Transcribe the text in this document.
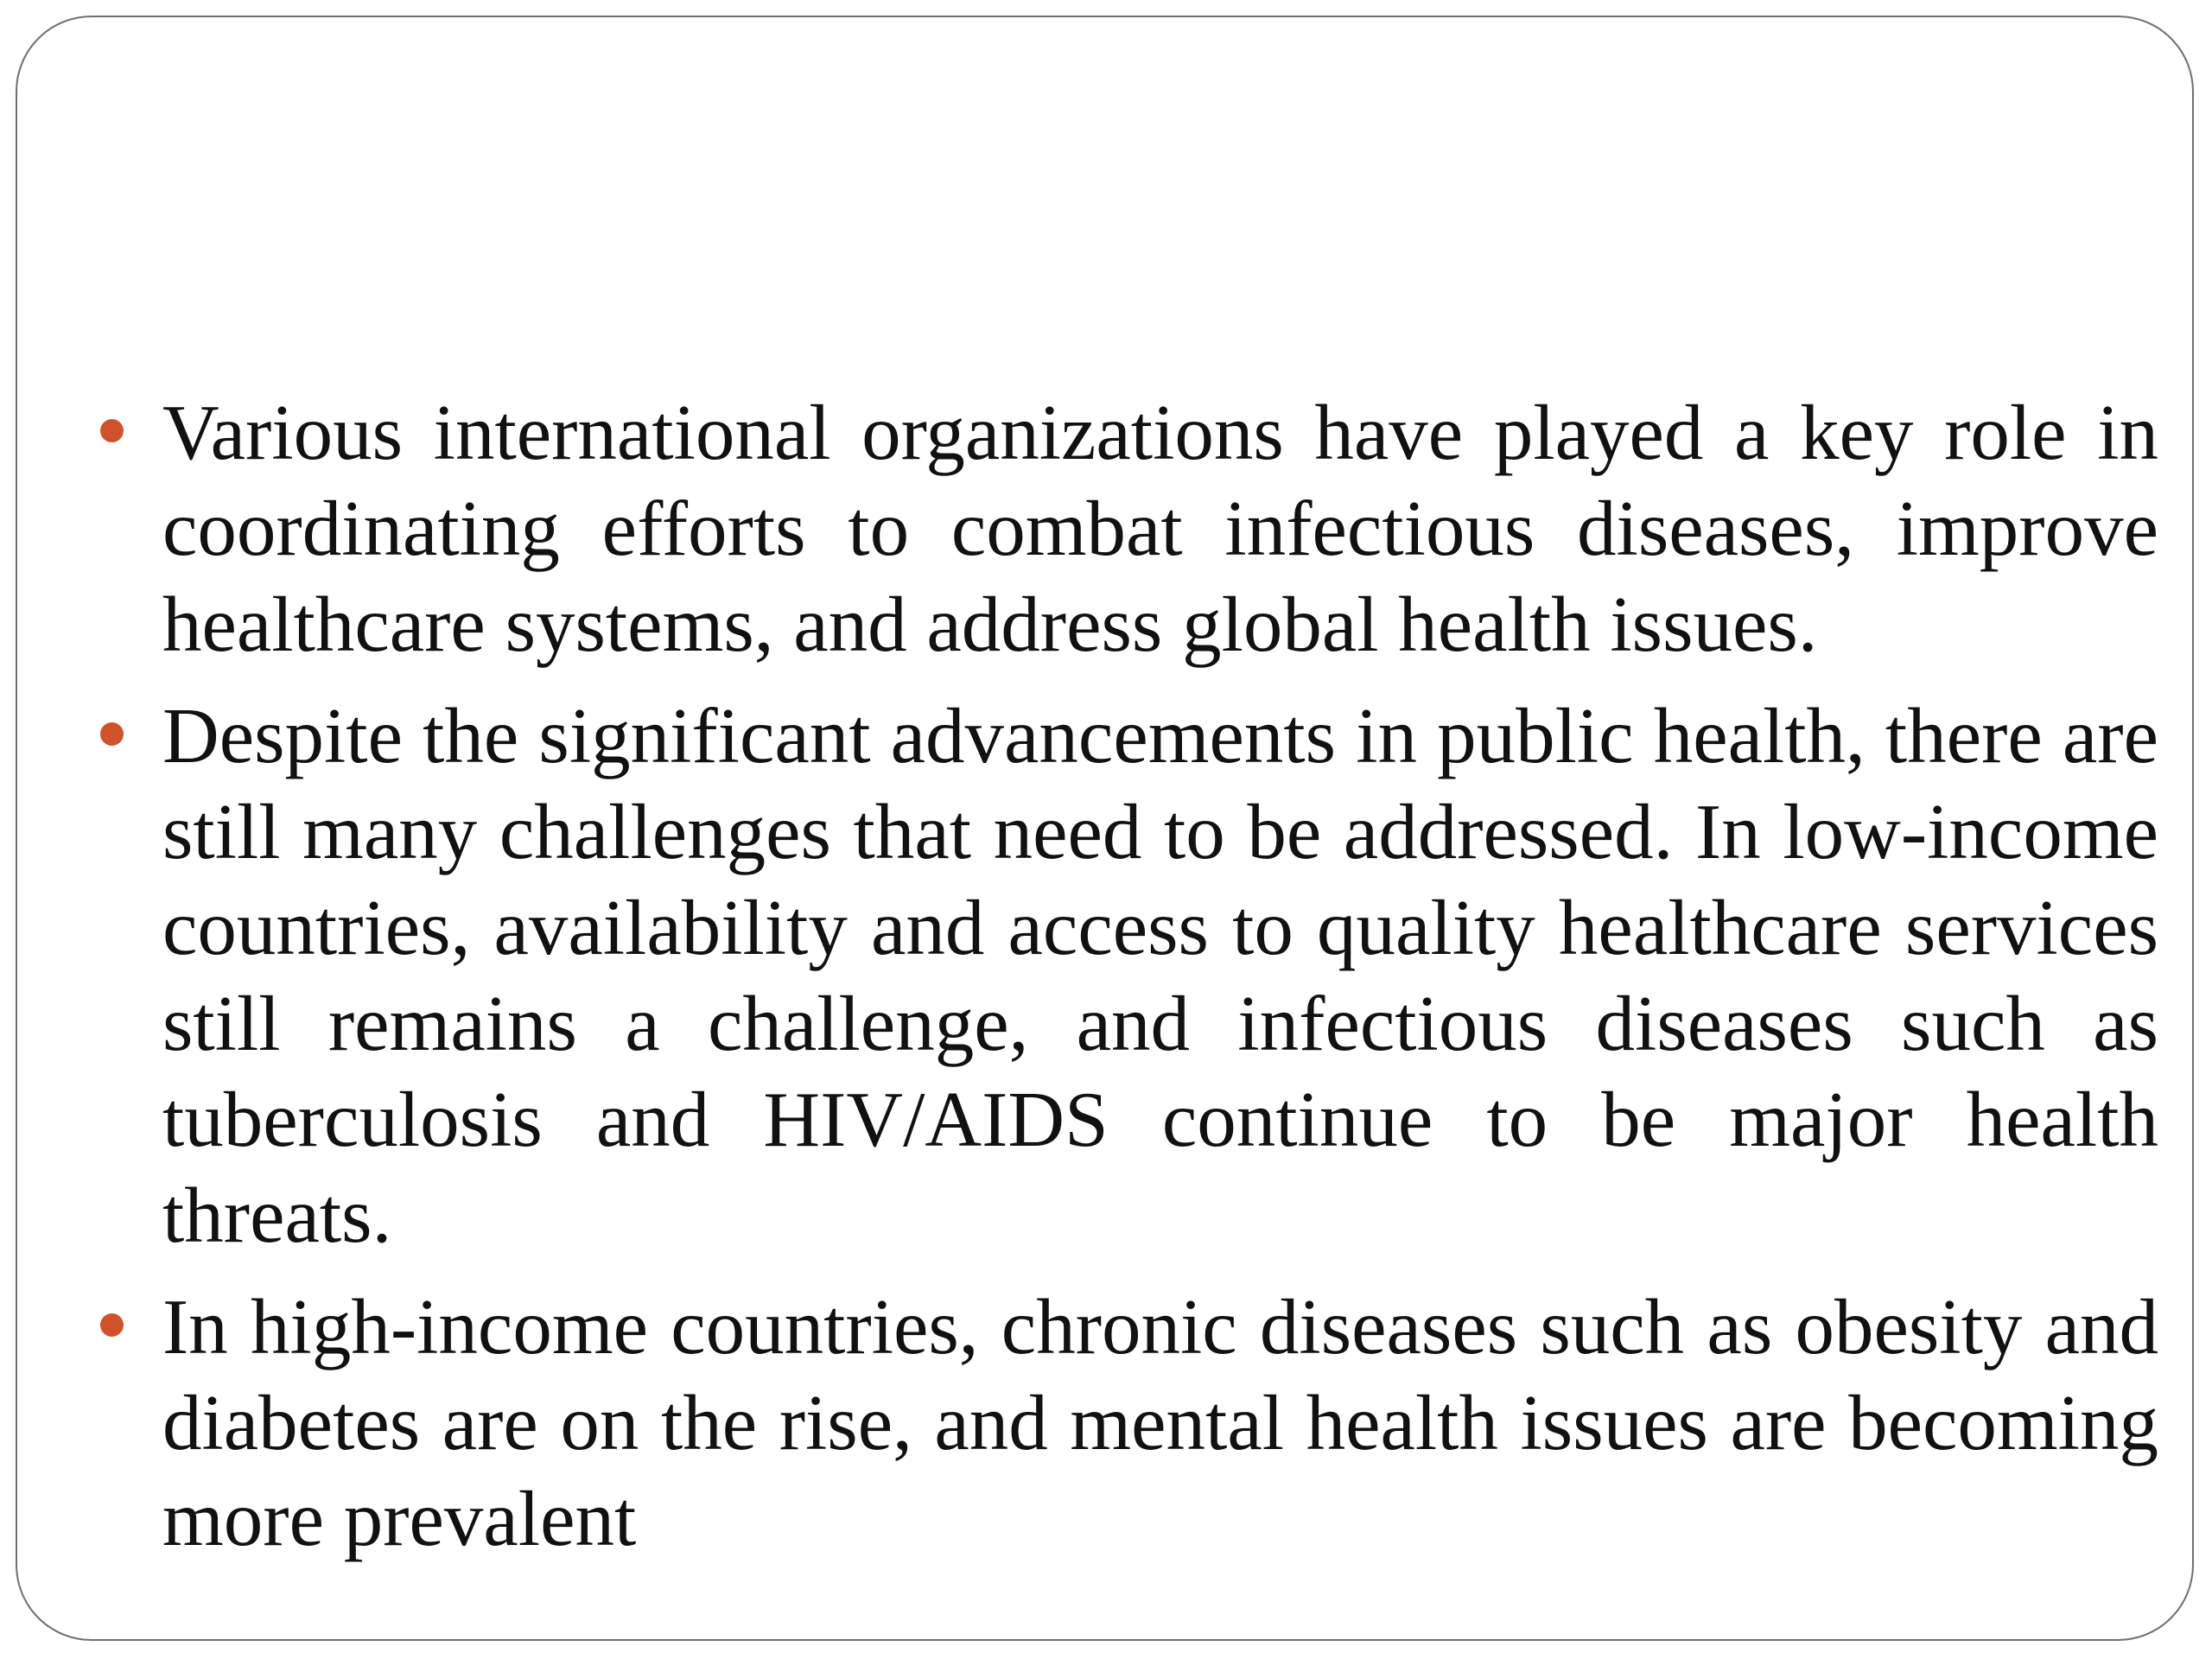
Various international organizations have played a key role in coordinating efforts to combat infectious diseases, improve healthcare systems, and address global health issues.
Despite the significant advancements in public health, there are still many challenges that need to be addressed. In low-income countries, availability and access to quality healthcare services still remains a challenge, and infectious diseases such as tuberculosis and HIV/AIDS continue to be major health threats.
In high-income countries, chronic diseases such as obesity and diabetes are on the rise, and mental health issues are becoming more prevalent
